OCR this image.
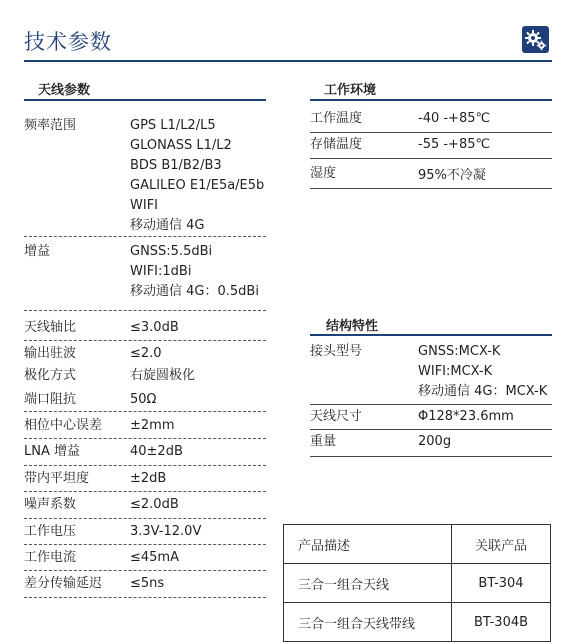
技术参数
天线参数
频率范围	GPS L1/L2/L5
GLONASS L1/L2
BDS B1/B2/B3
GALILEO E1/E5a/E5b
WIFI
移动通信 4G
增益	GNSS:5.5dBi
WIFI:1dBi
移动通信 4G：0.5dBi
天线轴比	≤3.0dB
输出驻波	≤2.0
极化方式	右旋圆极化
端口阻抗	50Ω
相位中心误差 ±2mm
LNA 增益	40±2dB
带内平坦度	±2dB
噪声系数	≤2.0dB
工作电压	3.3V-12.0V
工作电流	≤45mA
差分传输延迟 ≤5ns
工作环境
工作温度	-40 -+85℃
存储温度	-55 -+85℃
湿度	95%不冷凝
结构特性
接头型号	GNSS:MCX-K
WIFI:MCX-K
移动通信 4G：MCX-K
天线尺寸	Φ128*23.6mm
重量	200g
产品描述	关联产品
三合一组合天线	BT-304
三合一组合天线带线	BT-304B
